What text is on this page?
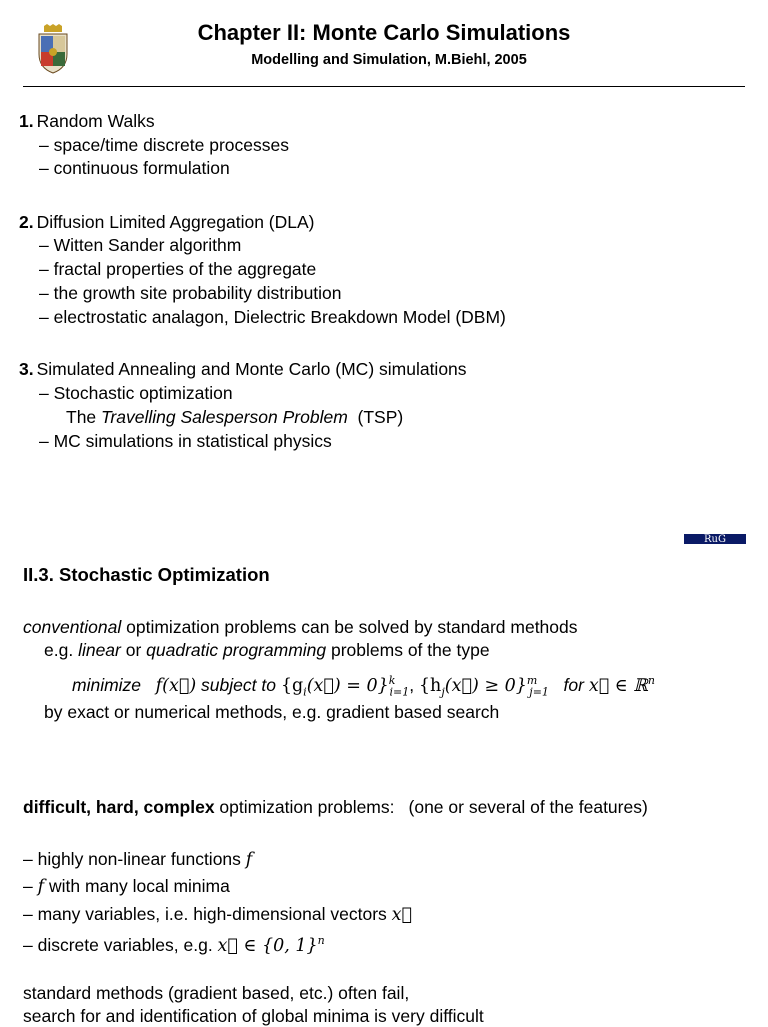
Chapter II: Monte Carlo Simulations
Modelling and Simulation, M.Biehl, 2005
1. Random Walks
– space/time discrete processes
– continuous formulation
2. Diffusion Limited Aggregation (DLA)
– Witten Sander algorithm
– fractal properties of the aggregate
– the growth site probability distribution
– electrostatic analagon, Dielectric Breakdown Model (DBM)
3. Simulated Annealing and Monte Carlo (MC) simulations
– Stochastic optimization
The Travelling Salesperson Problem (TSP)
– MC simulations in statistical physics
RuG
II.3. Stochastic Optimization
conventional optimization problems can be solved by standard methods
e.g. linear or quadratic programming problems of the type
minimize f(x⃗) subject to $\{g_i(x⃗) = 0\}^k_{i=1}$, $\{h_j(x⃗) \ge 0\}^m_{j=1}$ for x⃗ ∈ ℝ$^n$
by exact or numerical methods, e.g. gradient based search
difficult, hard, complex optimization problems: (one or several of the features)
– highly non-linear functions f
– f with many local minima
– many variables, i.e. high-dimensional vectors x⃗
– discrete variables, e.g. x⃗ ∈ {0, 1}$^n$
standard methods (gradient based, etc.) often fail,
search for and identification of global minima is very difficult
